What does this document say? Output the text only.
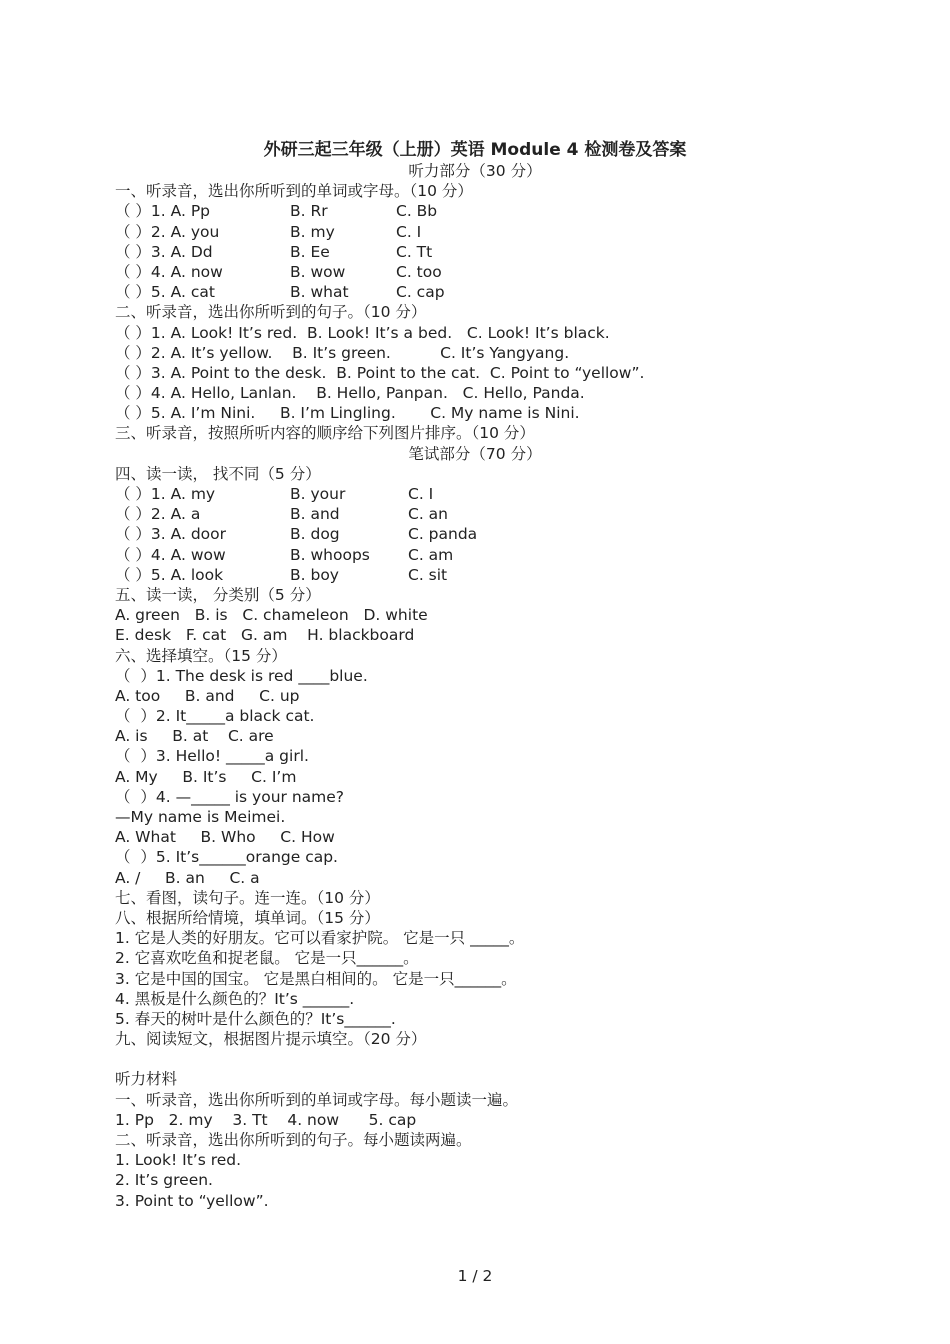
外研三起三年级（上册）英语 Module 4 检测卷及答案
听力部分（30 分）
一、听录音，选出你所听到的单词或字母。（10 分）
（ ）1. A. Pp	B. Rr	C. Bb
（ ）2. A. you	B. my	C. I
（ ）3. A. Dd	B. Ee	C. Tt
（ ）4. A. now	B. wow	C. too
（ ）5. A. cat	B. what	C. cap
二、听录音，选出你所听到的句子。（10 分）
（ ）1. A. Look! It’s red.  B. Look! It’s a bed.   C. Look! It’s black.
（ ）2. A. It’s yellow.    B. It’s green.          C. It’s Yangyang.
（ ）3. A. Point to the desk.  B. Point to the cat.  C. Point to “yellow”.
（ ）4. A. Hello, Lanlan.    B. Hello, Panpan.   C. Hello, Panda.
（ ）5. A. I’m Nini.     B. I’m Lingling.       C. My name is Nini.
三、听录音，按照所听内容的顺序给下列图片排序。（10 分）
笔试部分（70 分）
四、读一读， 找不同（5 分）
（ ）1. A. my	B. your	C. I
（ ）2. A. a	B. and	C. an
（ ）3. A. door	B. dog	C. panda
（ ）4. A. wow	B. whoops C. am
（ ）5. A. look	B. boy	C. sit
五、读一读， 分类别（5 分）
A. green   B. is   C. chameleon   D. white
E. desk   F. cat   G. am    H. blackboard
六、选择填空。（15 分）
（  ）1. The desk is red ____blue.
A. too     B. and     C. up
（  ）2. It_____a black cat.
A. is     B. at    C. are
（  ）3. Hello! _____a girl.
A. My     B. It’s     C. I’m
（  ）4. —_____ is your name?
—My name is Meimei.
A. What     B. Who     C. How
（  ）5. It’s______orange cap.
A. /     B. an     C. a
七、看图，读句子。连一连。（10 分）
八、根据所给情境，填单词。（15 分）
1. 它是人类的好朋友。它可以看家护院。 它是一只 _____。
2. 它喜欢吃鱼和捉老鼠。 它是一只______。
3. 它是中国的国宝。 它是黑白相间的。 它是一只______。
4. 黑板是什么颜色的？It’s ______.
5. 春天的树叶是什么颜色的？It’s______.
九、阅读短文，根据图片提示填空。（20 分）
听力材料
一、听录音，选出你所听到的单词或字母。每小题读一遍。
1. Pp   2. my    3. Tt    4. now      5. cap
二、听录音，选出你所听到的句子。每小题读两遍。
1. Look! It’s red.
2. It’s green.
3. Point to “yellow”.
1 / 2
